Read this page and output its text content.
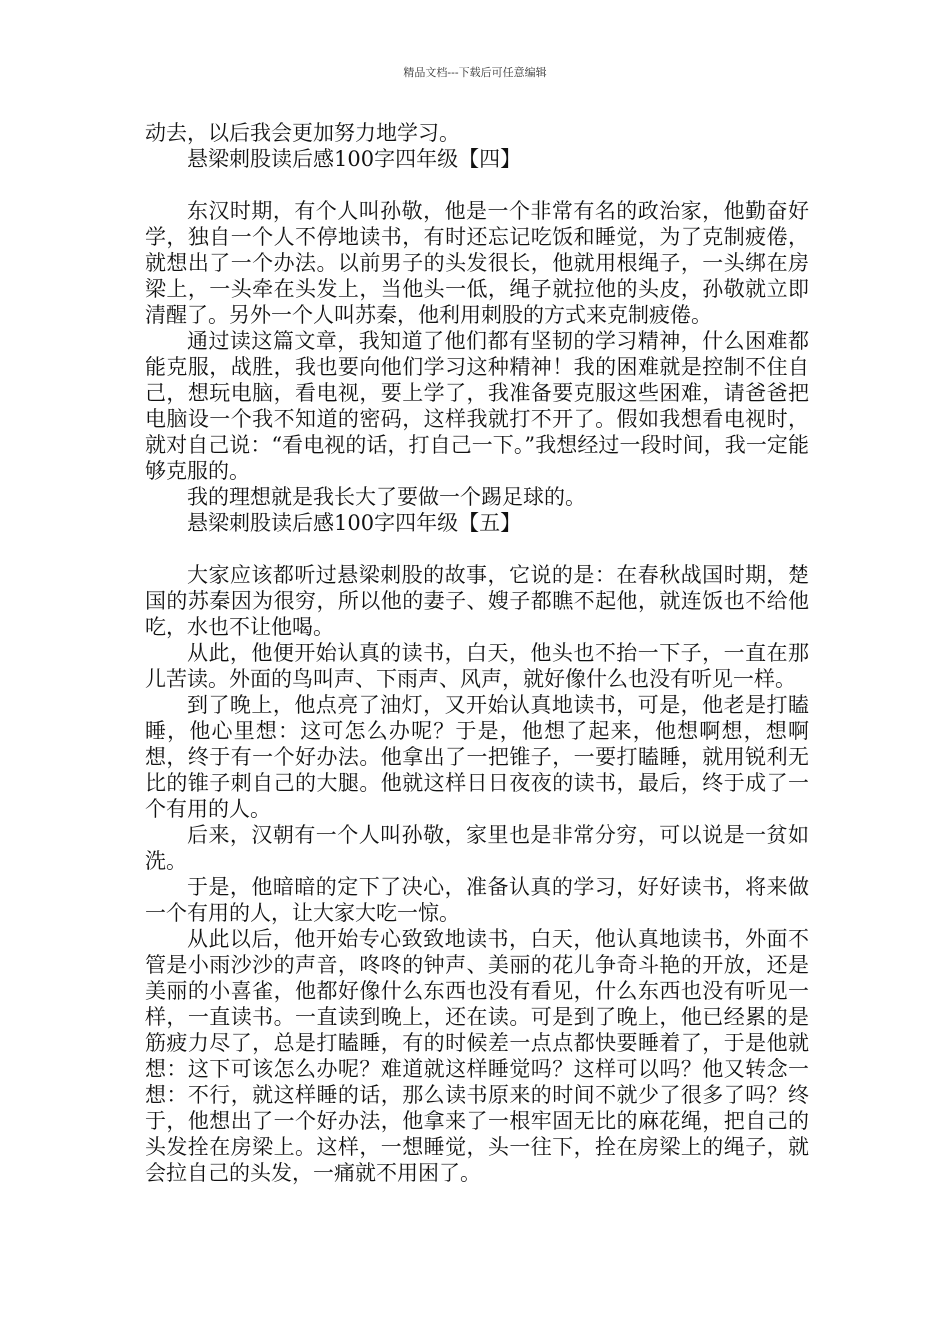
精品文档---下载后可任意编辑

动去，以后我会更加努力地学习。

悬梁刺股读后感100字四年级【四】

东汉时期，有个人叫孙敬，他是一个非常有名的政治家，他勤奋好学，独自一个人不停地读书，有时还忘记吃饭和睡觉，为了克制疲倦，就想出了一个办法。以前男子的头发很长，他就用根绳子，一头绑在房梁上，一头牵在头发上，当他头一低，绳子就拉他的头皮，孙敬就立即清醒了。另外一个人叫苏秦，他利用刺股的方式来克制疲倦。

通过读这篇文章，我知道了他们都有坚韧的学习精神，什么困难都能克服，战胜，我也要向他们学习这种精神！我的困难就是控制不住自己，想玩电脑，看电视，要上学了，我准备要克服这些困难，请爸爸把电脑设一个我不知道的密码，这样我就打不开了。假如我想看电视时，就对自己说：“看电视的话，打自己一下。”我想经过一段时间，我一定能够克服的。

我的理想就是我长大了要做一个踢足球的。

悬梁刺股读后感100字四年级【五】

大家应该都听过悬梁刺股的故事，它说的是：在春秋战国时期，楚国的苏秦因为很穷，所以他的妻子、嫂子都瞧不起他，就连饭也不给他吃，水也不让他喝。

从此，他便开始认真的读书，白天，他头也不抬一下子，一直在那儿苦读。外面的鸟叫声、下雨声、风声，就好像什么也没有听见一样。

到了晚上，他点亮了油灯，又开始认真地读书，可是，他老是打瞌睡，他心里想：这可怎么办呢？于是，他想了起来，他想啊想，想啊想，终于有一个好办法。他拿出了一把锥子，一要打瞌睡，就用锐利无比的锥子刺自己的大腿。他就这样日日夜夜的读书，最后，终于成了一个有用的人。

后来，汉朝有一个人叫孙敬，家里也是非常分穷，可以说是一贫如洗。

于是，他暗暗的定下了决心，准备认真的学习，好好读书，将来做一个有用的人，让大家大吃一惊。

从此以后，他开始专心致致地读书，白天，他认真地读书，外面不管是小雨沙沙的声音，咚咚的钟声、美丽的花儿争奇斗艳的开放，还是美丽的小喜雀，他都好像什么东西也没有看见，什么东西也没有听见一样，一直读书。一直读到晚上，还在读。可是到了晚上，他已经累的是筋疲力尽了，总是打瞌睡，有的时候差一点点都快要睡着了，于是他就想：这下可该怎么办呢？难道就这样睡觉吗？这样可以吗？他又转念一想：不行，就这样睡的话，那么读书原来的时间不就少了很多了吗？终于，他想出了一个好办法，他拿来了一根牢固无比的麻花绳，把自己的头发拴在房梁上。这样，一想睡觉，头一往下，拴在房梁上的绳子，就会拉自己的头发，一痛就不用困了。
